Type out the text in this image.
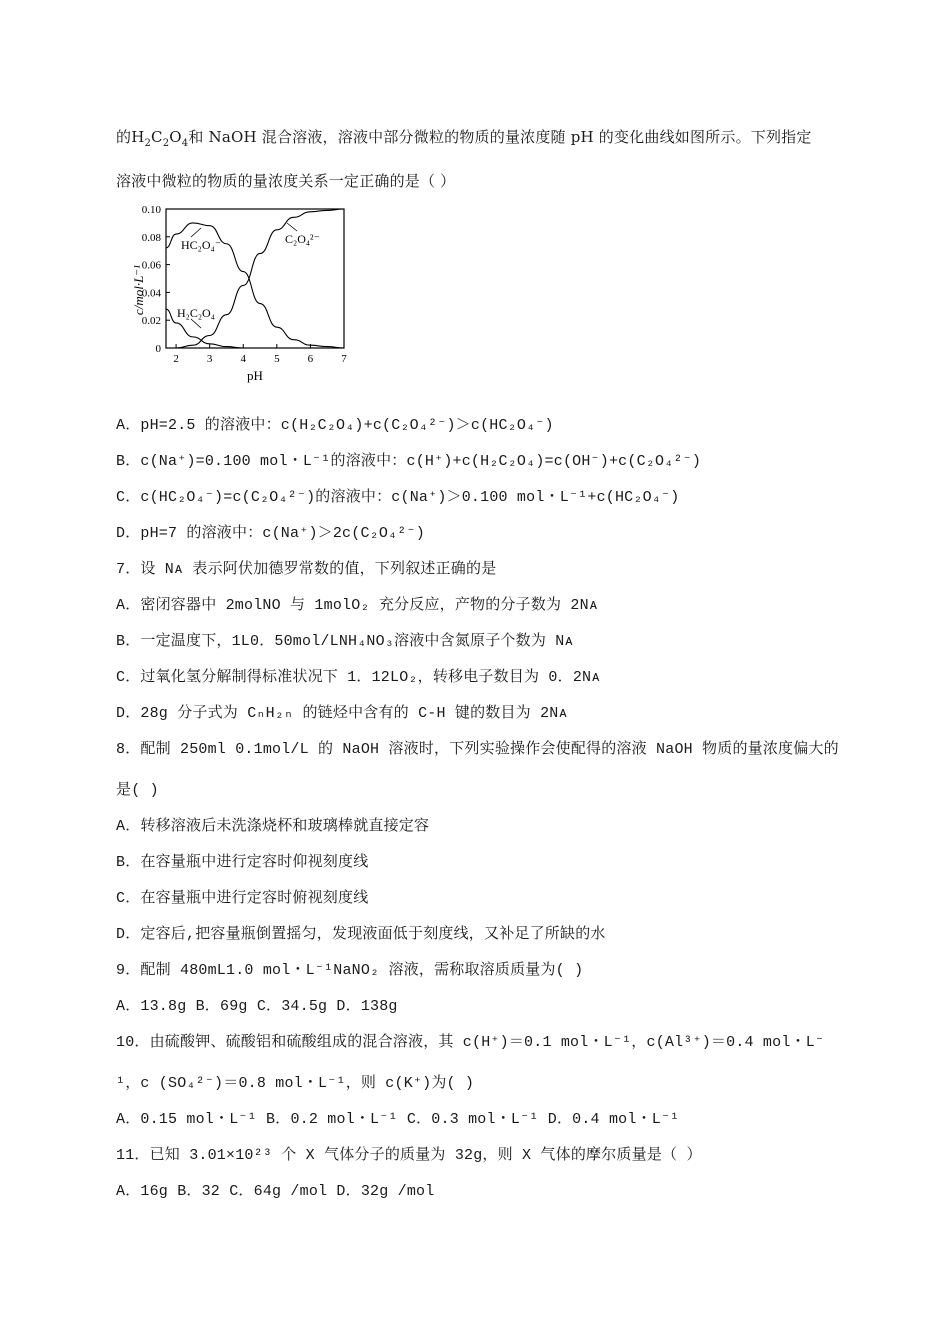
的$H_2C_2O_4$和 NaOH 混合溶液，溶液中部分微粒的物质的量浓度随 pH 的变化曲线如图所示。下列指定
溶液中微粒的物质的量浓度关系一定正确的是（ ）
0
0.02
0.04
0.06
0.08
0.10
2	3	4	5	6	7
HC₂O₄⁻	C₂O₄²⁻
H₂C₂O₄
c/mol·L⁻¹
pH
A．pH=2.5 的溶液中：c(H₂C₂O₄)+c(C₂O₄²⁻)＞c(HC₂O₄⁻)
B．c(Na⁺)=0.100 mol・L⁻¹的溶液中：c(H⁺)+c(H₂C₂O₄)=c(OH⁻)+c(C₂O₄²⁻)
C．c(HC₂O₄⁻)=c(C₂O₄²⁻)的溶液中：c(Na⁺)＞0.100 mol・L⁻¹+c(HC₂O₄⁻)
D．pH=7 的溶液中：c(Na⁺)＞2c(C₂O₄²⁻)
7．设 Nᴀ 表示阿伏加德罗常数的值，下列叙述正确的是
A．密闭容器中 2molNO 与 1molO₂ 充分反应，产物的分子数为 2Nᴀ
B．一定温度下，1L0．50mol/LNH₄NO₃溶液中含氮原子个数为 Nᴀ
C．过氧化氢分解制得标准状况下 1．12LO₂，转移电子数目为 0．2Nᴀ
D．28g 分子式为 CₙH₂ₙ 的链烃中含有的 C-H 键的数目为 2Nᴀ
8．配制 250ml 0.1mol/L 的 NaOH 溶液时，下列实验操作会使配得的溶液 NaOH 物质的量浓度偏大的
是( )
A．转移溶液后未洗涤烧杯和玻璃棒就直接定容
B．在容量瓶中进行定容时仰视刻度线
C．在容量瓶中进行定容时俯视刻度线
D．定容后,把容量瓶倒置摇匀，发现液面低于刻度线，又补足了所缺的水
9．配制 480mL1.0 mol・L⁻¹NaNO₂ 溶液，需称取溶质质量为( )
A．13.8g B．69g C．34.5g D．138g
10．由硫酸钾、硫酸铝和硫酸组成的混合溶液，其 c(H⁺)＝0.1 mol・L⁻¹，c(Al³⁺)＝0.4 mol・L⁻
¹，c (SO₄²⁻)＝0.8 mol・L⁻¹，则 c(K⁺)为( )
A．0.15 mol・L⁻¹ B．0.2 mol・L⁻¹ C．0.3 mol・L⁻¹ D．0.4 mol・L⁻¹
11．已知 3.01×10²³ 个 X 气体分子的质量为 32g，则 X 气体的摩尔质量是（ ）
A．16g B．32 C．64g /mol D．32g /mol
